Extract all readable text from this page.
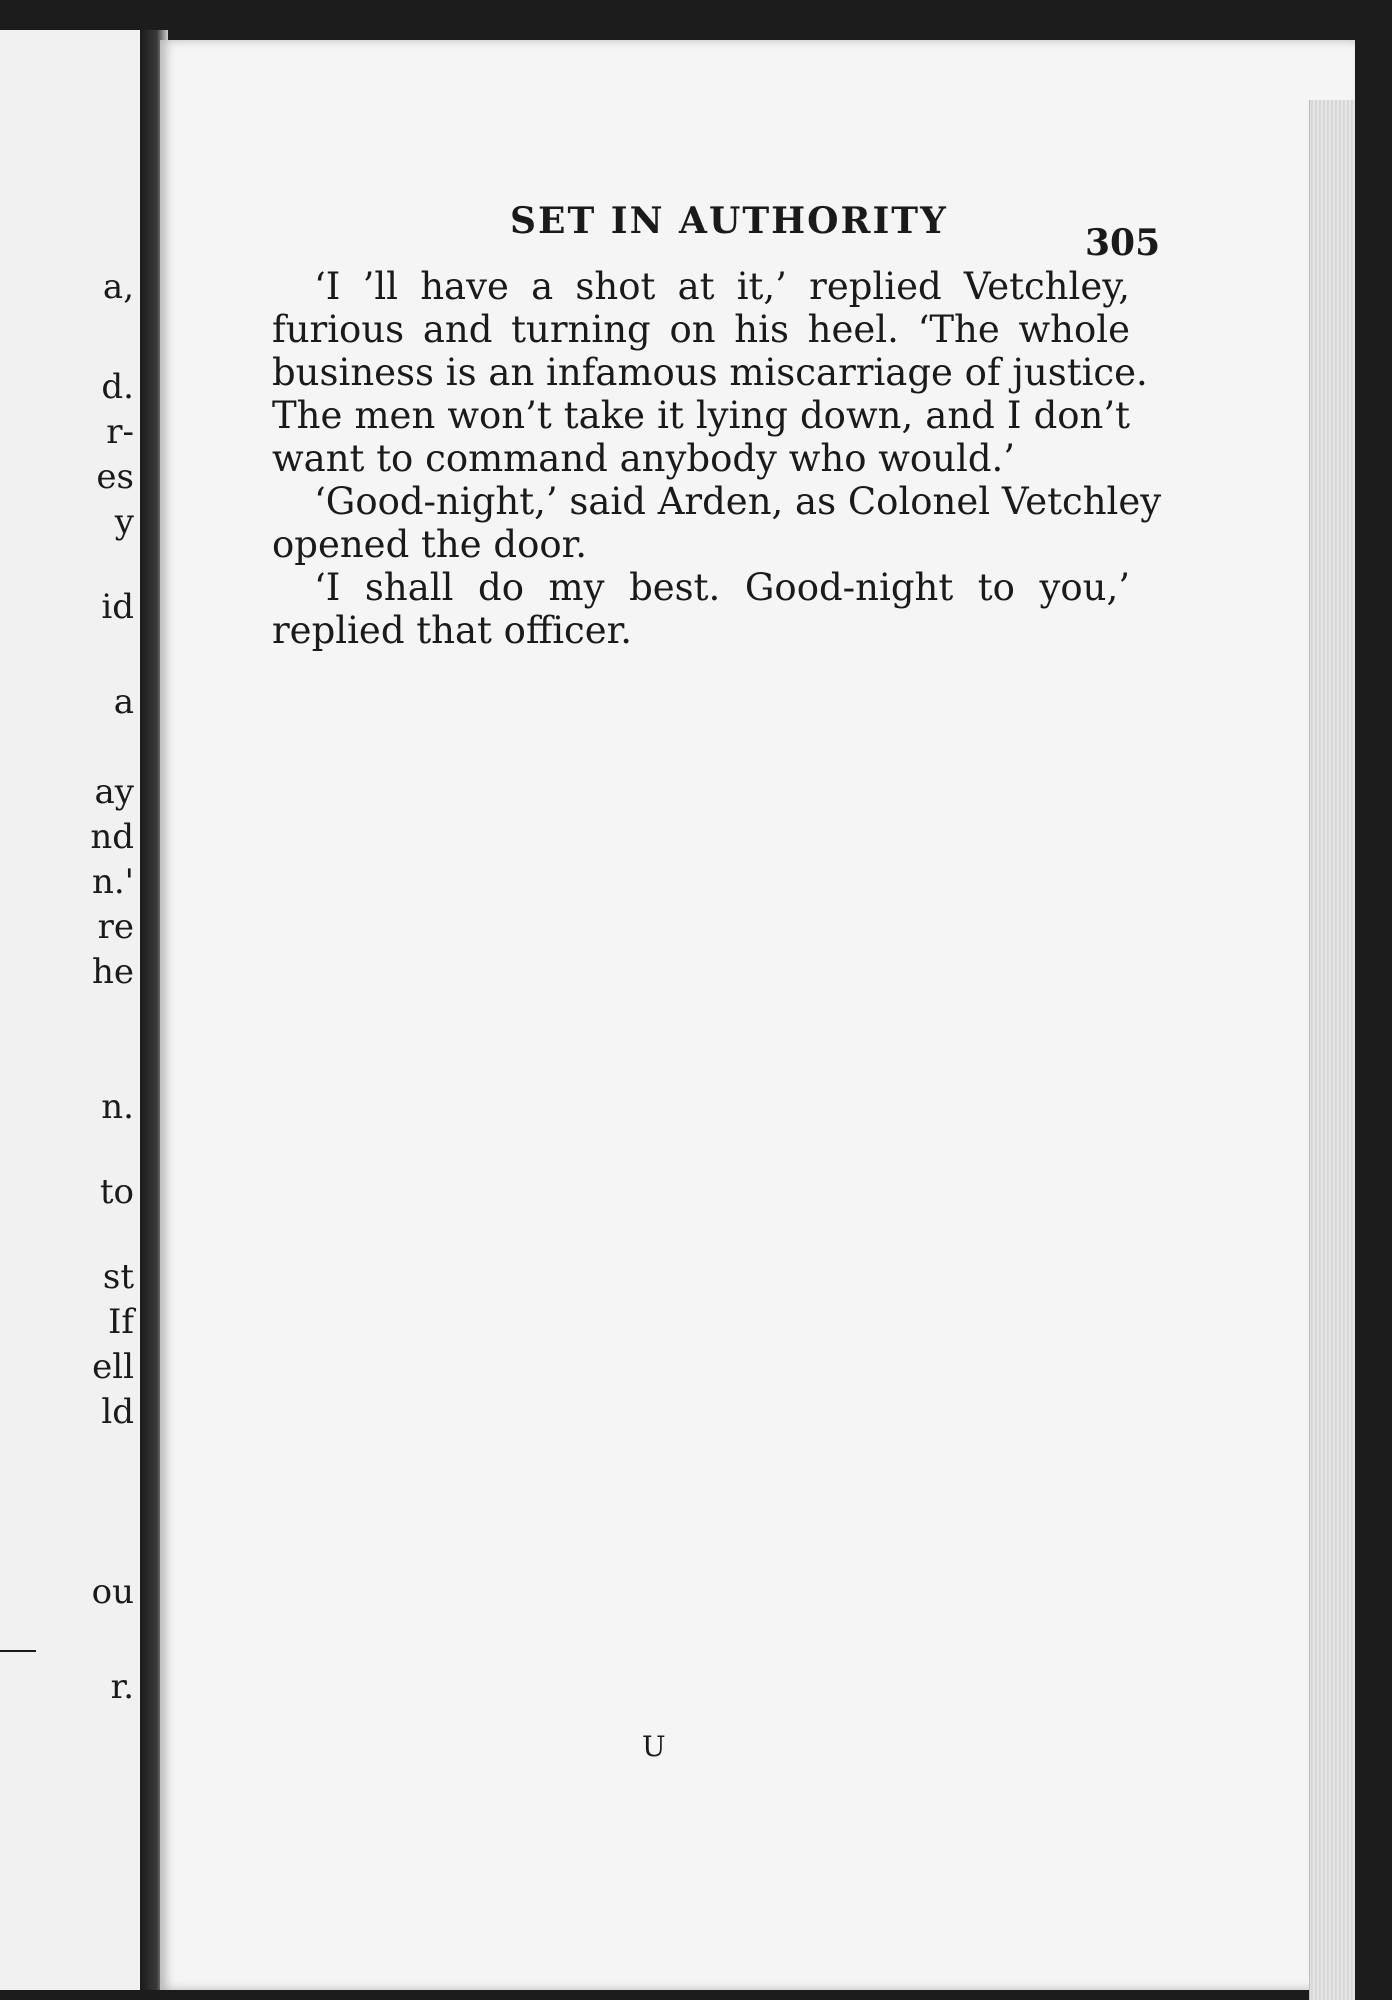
a,
d.
r-
es
y
id
a
ay
nd
n.'
re
he
n.
to
st
If
ell
ld
ou
r.
SET IN AUTHORITY
305
‘I ’ll have a shot at it,’ replied Vetchley,
furious and turning on his heel. ‘The whole
business is an infamous miscarriage of justice.
The men won’t take it lying down, and I don’t
want to command anybody who would.’
‘Good-night,’ said Arden, as Colonel Vetchley
opened the door.
‘I shall do my best. Good-night to you,’
replied that officer.
U
